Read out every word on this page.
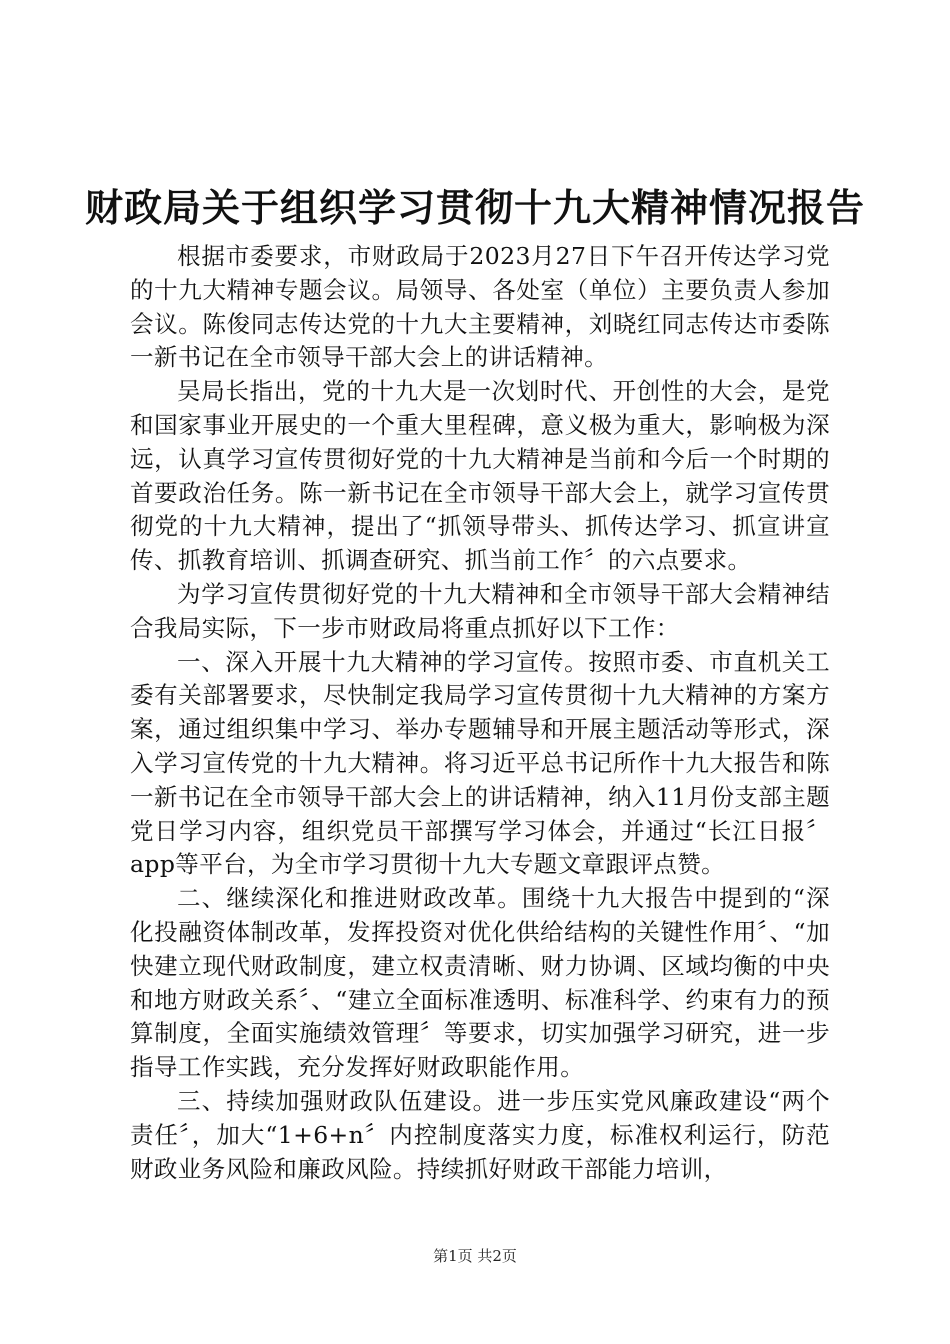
财政局关于组织学习贯彻十九大精神情况报告

根据市委要求，市财政局于2023月27日下午召开传达学习党的十九大精神专题会议。局领导、各处室（单位）主要负责人参加会议。陈俊同志传达党的十九大主要精神，刘晓红同志传达市委陈一新书记在全市领导干部大会上的讲话精神。

吴局长指出，党的十九大是一次划时代、开创性的大会，是党和国家事业开展史的一个重大里程碑，意义极为重大，影响极为深远，认真学习宣传贯彻好党的十九大精神是当前和今后一个时期的首要政治任务。陈一新书记在全市领导干部大会上，就学习宣传贯彻党的十九大精神，提出了“抓领导带头、抓传达学习、抓宣讲宣传、抓教育培训、抓调查研究、抓当前工作〞的六点要求。

为学习宣传贯彻好党的十九大精神和全市领导干部大会精神结合我局实际，下一步市财政局将重点抓好以下工作：

一、深入开展十九大精神的学习宣传。按照市委、市直机关工委有关部署要求，尽快制定我局学习宣传贯彻十九大精神的方案方案，通过组织集中学习、举办专题辅导和开展主题活动等形式，深入学习宣传党的十九大精神。将习近平总书记所作十九大报告和陈一新书记在全市领导干部大会上的讲话精神，纳入11月份支部主题党日学习内容，组织党员干部撰写学习体会，并通过“长江日报〞app等平台，为全市学习贯彻十九大专题文章跟评点赞。

二、继续深化和推进财政改革。围绕十九大报告中提到的“深化投融资体制改革，发挥投资对优化供给结构的关键性作用〞、“加快建立现代财政制度，建立权责清晰、财力协调、区域均衡的中央和地方财政关系〞、“建立全面标准透明、标准科学、约束有力的预算制度，全面实施绩效管理〞等要求，切实加强学习研究，进一步指导工作实践，充分发挥好财政职能作用。

三、持续加强财政队伍建设。进一步压实党风廉政建设“两个责任〞，加大“1+6+n〞内控制度落实力度，标准权利运行，防范财政业务风险和廉政风险。持续抓好财政干部能力培训，

第1页 共2页
